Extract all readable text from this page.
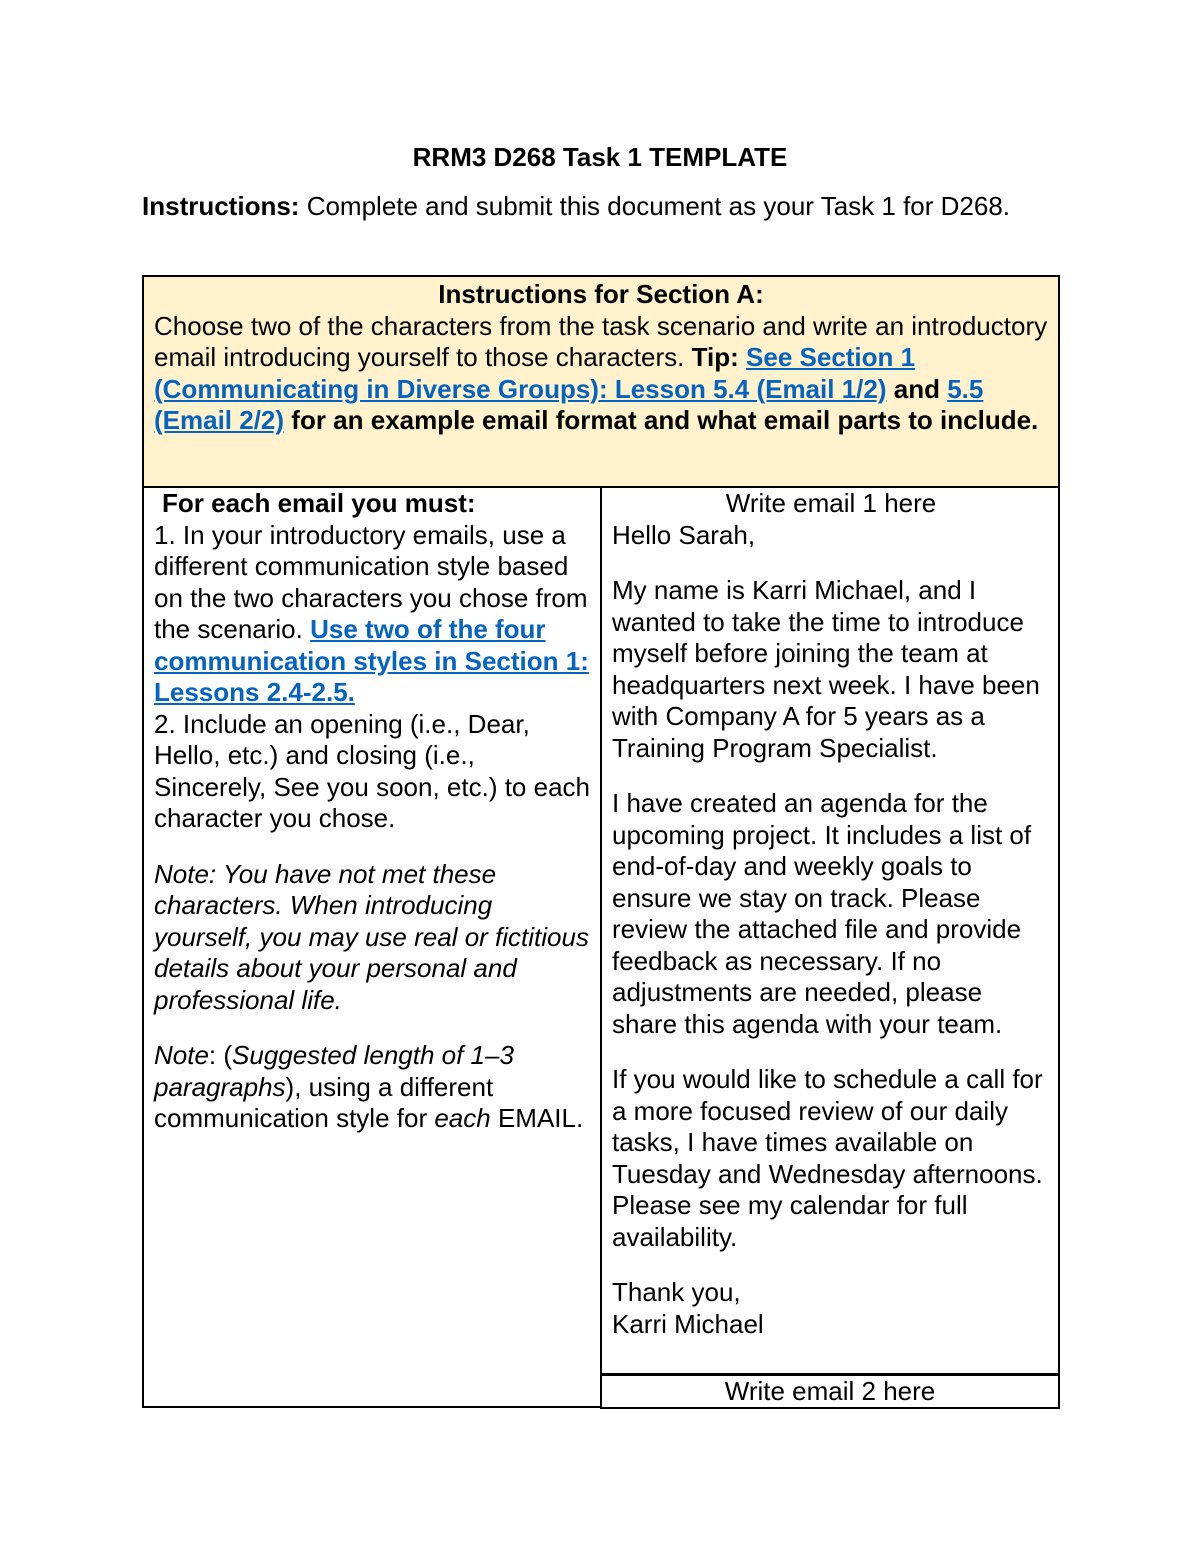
RRM3 D268 Task 1 TEMPLATE
Instructions: Complete and submit this document as your Task 1 for D268.
Instructions for Section A:
Choose two of the characters from the task scenario and write an introductory email introducing yourself to those characters. Tip: See Section 1 (Communicating in Diverse Groups): Lesson 5.4 (Email 1/2) and 5.5 (Email 2/2) for an example email format and what email parts to include.

For each email you must:

1. In your introductory emails, use a different communication style based on the two characters you chose from the scenario. Use two of the four communication styles in Section 1: Lessons 2.4-2.5.

2. Include an opening (i.e., Dear, Hello, etc.) and closing (i.e., Sincerely, See you soon, etc.) to each character you chose.

Note: You have not met these characters. When introducing yourself, you may use real or fictitious details about your personal and professional life.

Note: (Suggested length of 1–3 paragraphs), using a different communication style for each EMAIL.

Write email 1 here

Hello Sarah,

My name is Karri Michael, and I wanted to take the time to introduce myself before joining the team at headquarters next week. I have been with Company A for 5 years as a Training Program Specialist.

I have created an agenda for the upcoming project. It includes a list of end-of-day and weekly goals to ensure we stay on track. Please review the attached file and provide feedback as necessary. If no adjustments are needed, please share this agenda with your team.

If you would like to schedule a call for a more focused review of our daily tasks, I have times available on Tuesday and Wednesday afternoons. Please see my calendar for full availability.

Thank you,

Karri Michael

Write email 2 here
